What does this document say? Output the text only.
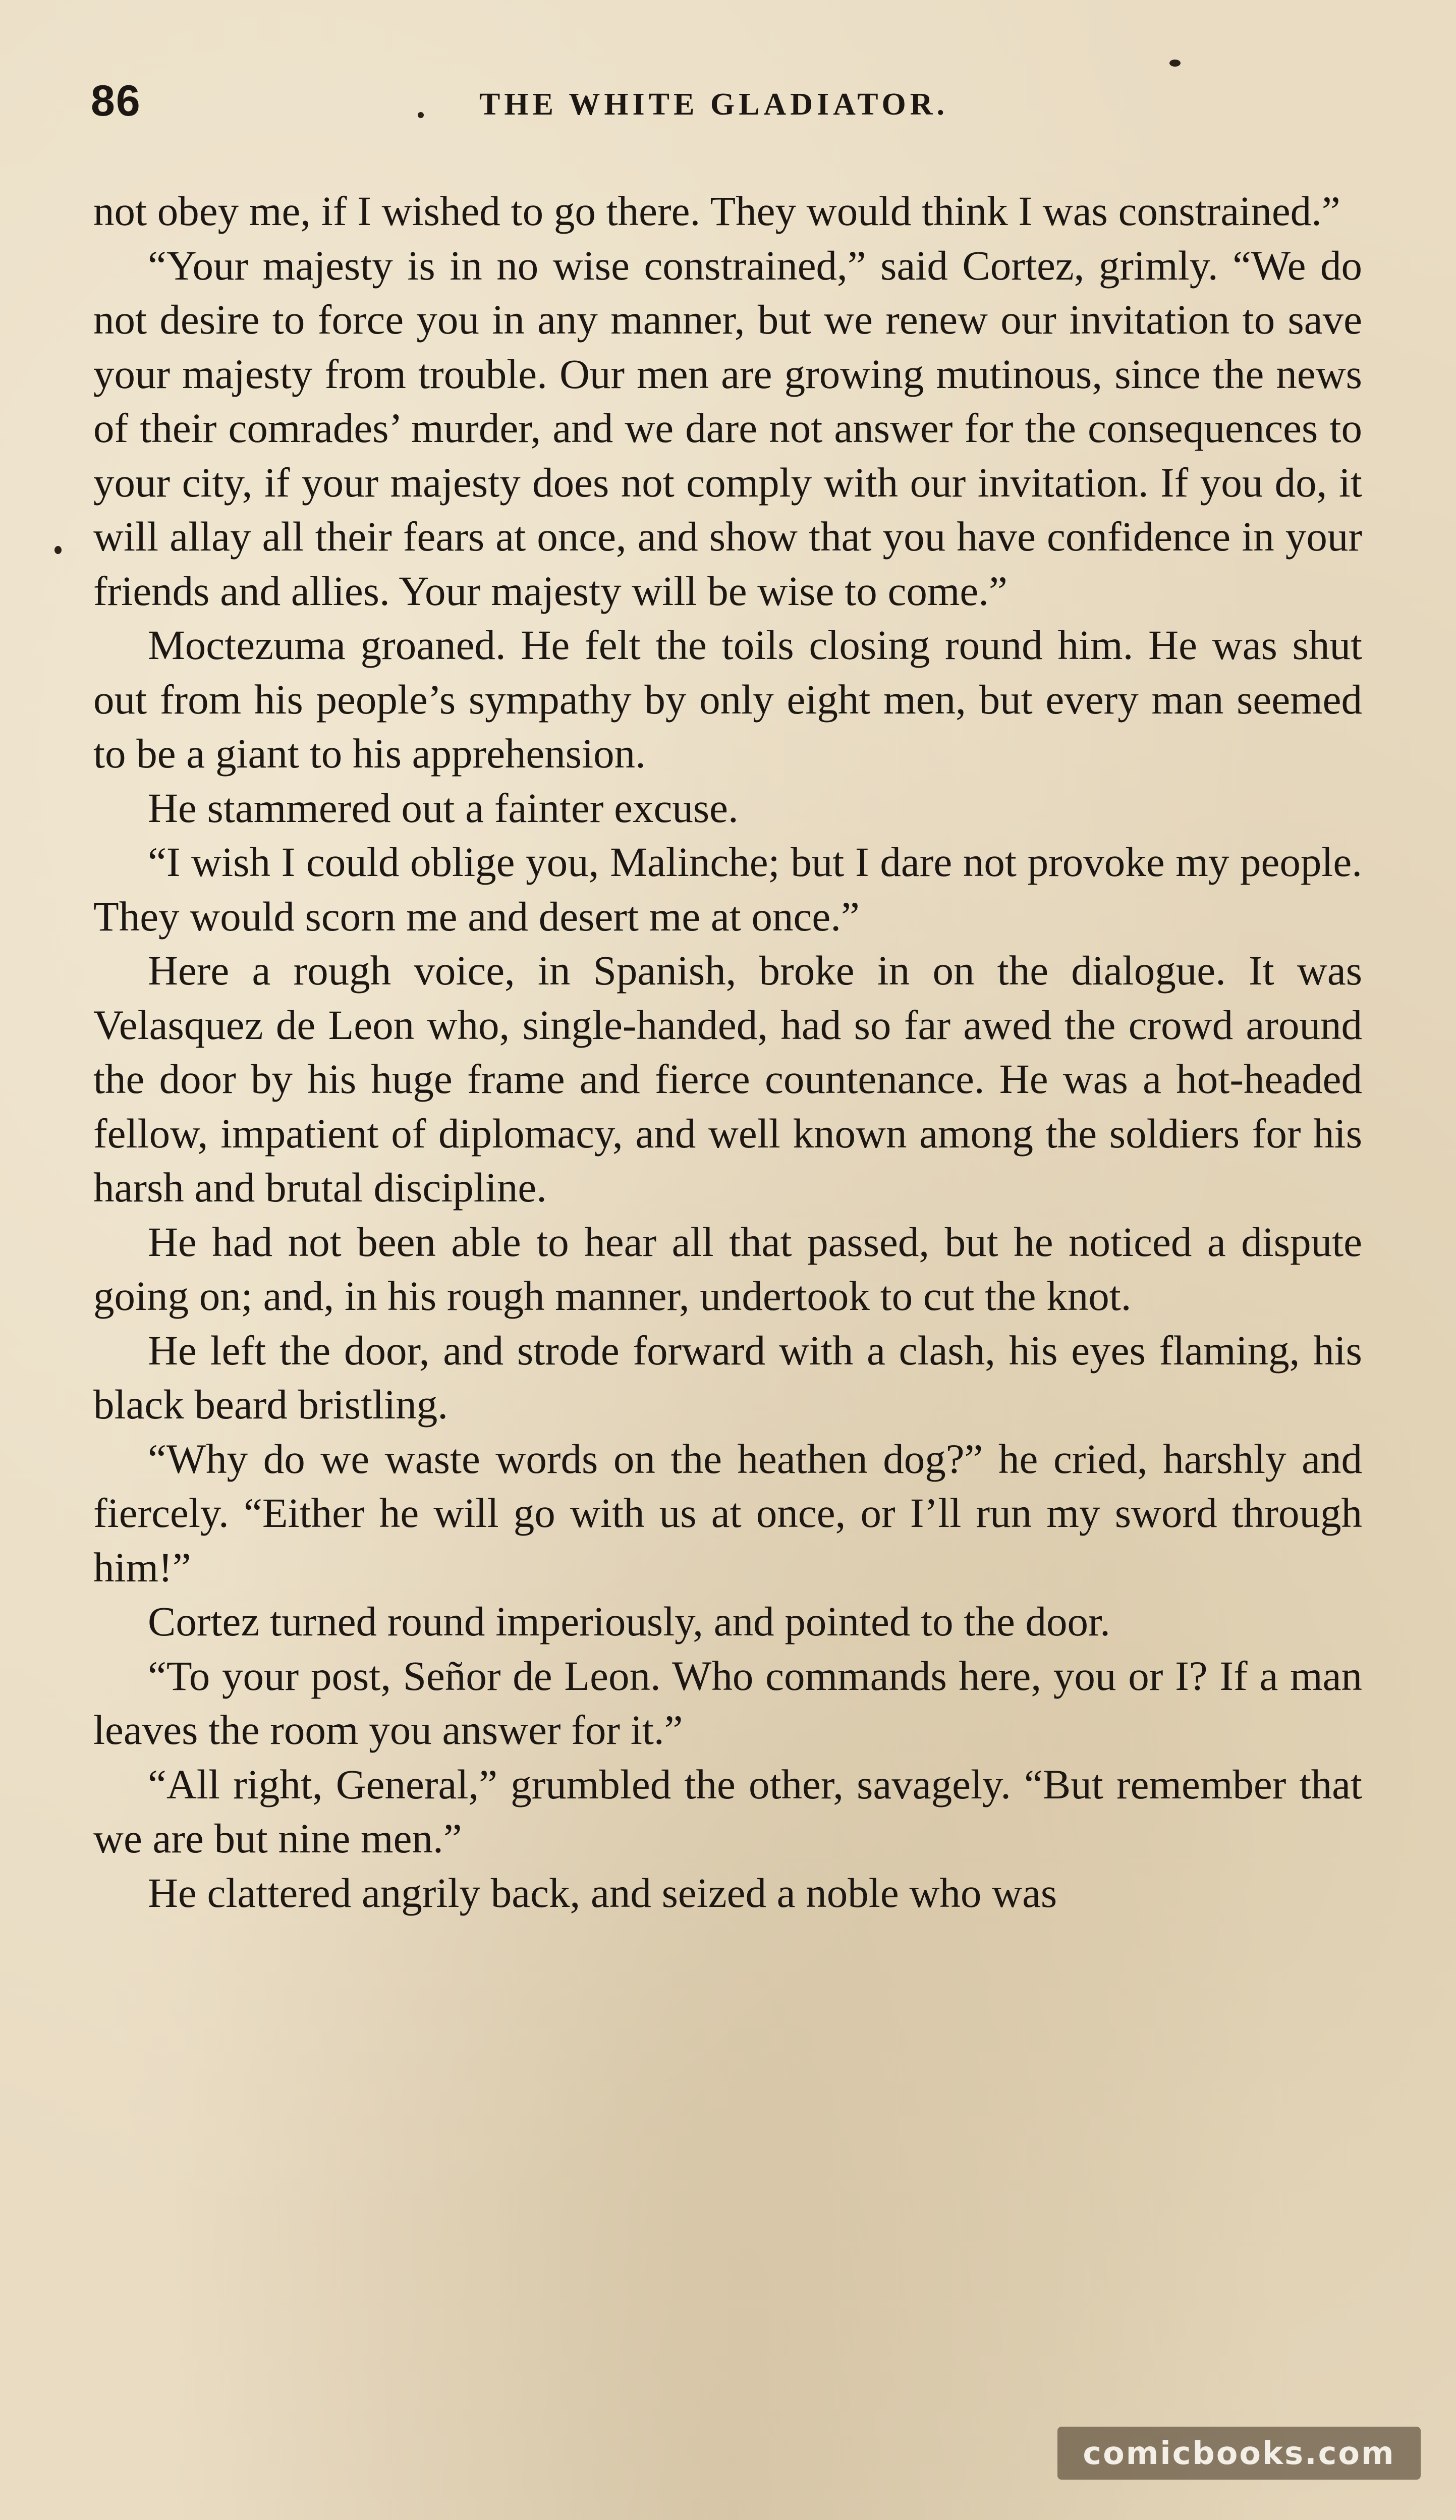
86	THE WHITE GLADIATOR.

not obey me, if I wished to go there. They would think I was constrained.”

“Your majesty is in no wise constrained,” said Cortez, grimly. “We do not desire to force you in any manner, but we renew our invitation to save your majesty from trouble. Our men are growing mutinous, since the news of their comrades’ murder, and we dare not answer for the consequences to your city, if your majesty does not comply with our invitation. If you do, it will allay all their fears at once, and show that you have confidence in your friends and allies. Your majesty will be wise to come.”

Moctezuma groaned. He felt the toils closing round him. He was shut out from his people’s sympathy by only eight men, but every man seemed to be a giant to his apprehension.

He stammered out a fainter excuse.

“I wish I could oblige you, Malinche; but I dare not provoke my people. They would scorn me and desert me at once.”

Here a rough voice, in Spanish, broke in on the dialogue. It was Velasquez de Leon who, single-handed, had so far awed the crowd around the door by his huge frame and fierce countenance. He was a hot-headed fellow, impatient of diplomacy, and well known among the soldiers for his harsh and brutal discipline.

He had not been able to hear all that passed, but he noticed a dispute going on; and, in his rough manner, undertook to cut the knot.

He left the door, and strode forward with a clash, his eyes flaming, his black beard bristling.

“Why do we waste words on the heathen dog?” he cried, harshly and fiercely. “Either he will go with us at once, or I’ll run my sword through him!”

Cortez turned round imperiously, and pointed to the door.

“To your post, Señor de Leon. Who commands here, you or I? If a man leaves the room you answer for it.”

“All right, General,” grumbled the other, savagely. “But remember that we are but nine men.”

He clattered angrily back, and seized a noble who was

comicbooks.com
